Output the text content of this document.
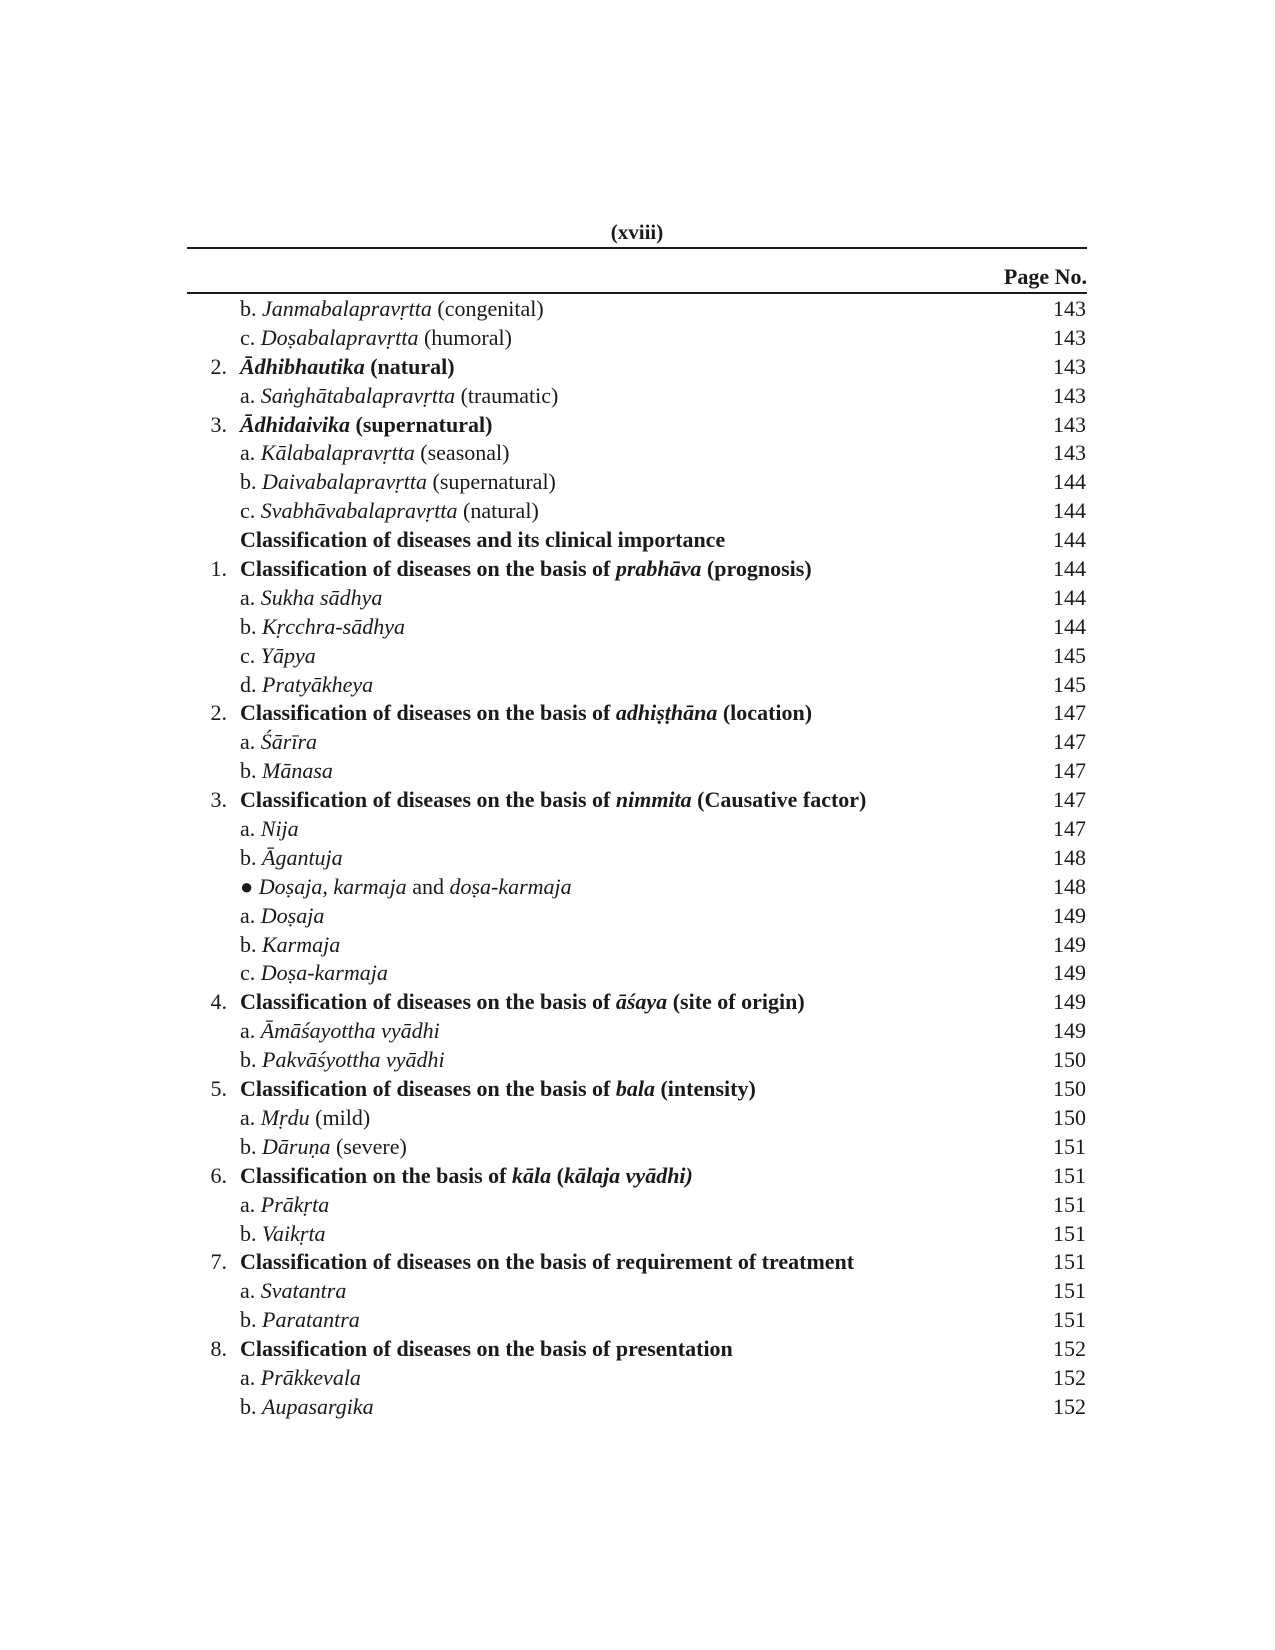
(xviii)
Page No.
b. Janmabalapravṛtta (congenital)	143
c. Doṣabalapravṛtta (humoral)	143
2. Ādhibhautika (natural)	143
a. Saṅghātabalapravṛtta (traumatic)	143
3. Ādhidaivika (supernatural)	143
a. Kālabalapravṛtta (seasonal)	143
b. Daivabalapravṛtta (supernatural)	144
c. Svabhāvabalapravṛtta (natural)	144
Classification of diseases and its clinical importance	144
1. Classification of diseases on the basis of prabhāva (prognosis)	144
a. Sukha sādhya	144
b. Kṛcchra-sādhya	144
c. Yāpya	145
d. Pratyākheya	145
2. Classification of diseases on the basis of adhiṣṭhāna (location)	147
a. Śārīra	147
b. Mānasa	147
3. Classification of diseases on the basis of nimmita (Causative factor)	147
a. Nija	147
b. Āgantuja	148
● Doṣaja, karmaja and doṣa-karmaja	148
a. Doṣaja	149
b. Karmaja	149
c. Doṣa-karmaja	149
4. Classification of diseases on the basis of āśaya (site of origin)	149
a. Āmāśayottha vyādhi	149
b. Pakvāśyottha vyādhi	150
5. Classification of diseases on the basis of bala (intensity)	150
a. Mṛdu (mild)	150
b. Dāruṇa (severe)	151
6. Classification on the basis of kāla (kālaja vyādhi)	151
a. Prākṛta	151
b. Vaikṛta	151
7. Classification of diseases on the basis of requirement of treatment	151
a. Svatantra	151
b. Paratantra	151
8. Classification of diseases on the basis of presentation	152
a. Prākkevala	152
b. Aupasargika	152
